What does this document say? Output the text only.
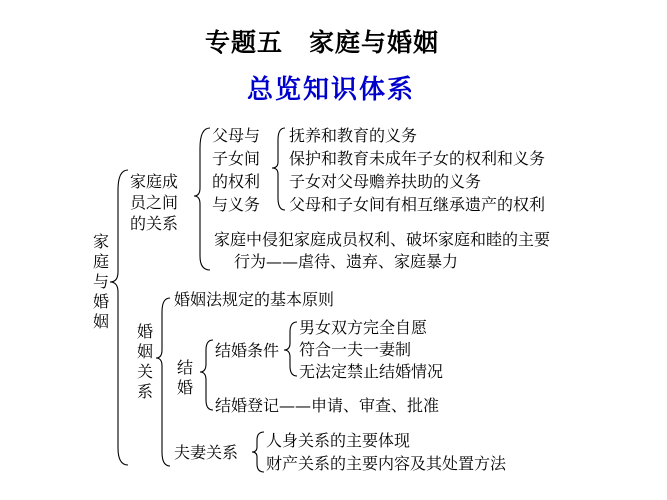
专题五　家庭与婚姻
总览知识体系
家庭与婚姻
家庭成
员之间
的关系
父母与
子女间
的权利
与义务
抚养和教育的义务
保护和教育未成年子女的权利和义务
子女对父母赡养扶助的义务
父母和子女间有相互继承遗产的权利
家庭中侵犯家庭成员权利、破坏家庭和睦的主要
行为——虐待、遗弃、家庭暴力
婚姻关系
婚姻法规定的基本原则
结婚
结婚条件
男女双方完全自愿
符合一夫一妻制
无法定禁止结婚情况
结婚登记——申请、审查、批准
夫妻关系
人身关系的主要体现
财产关系的主要内容及其处置方法
